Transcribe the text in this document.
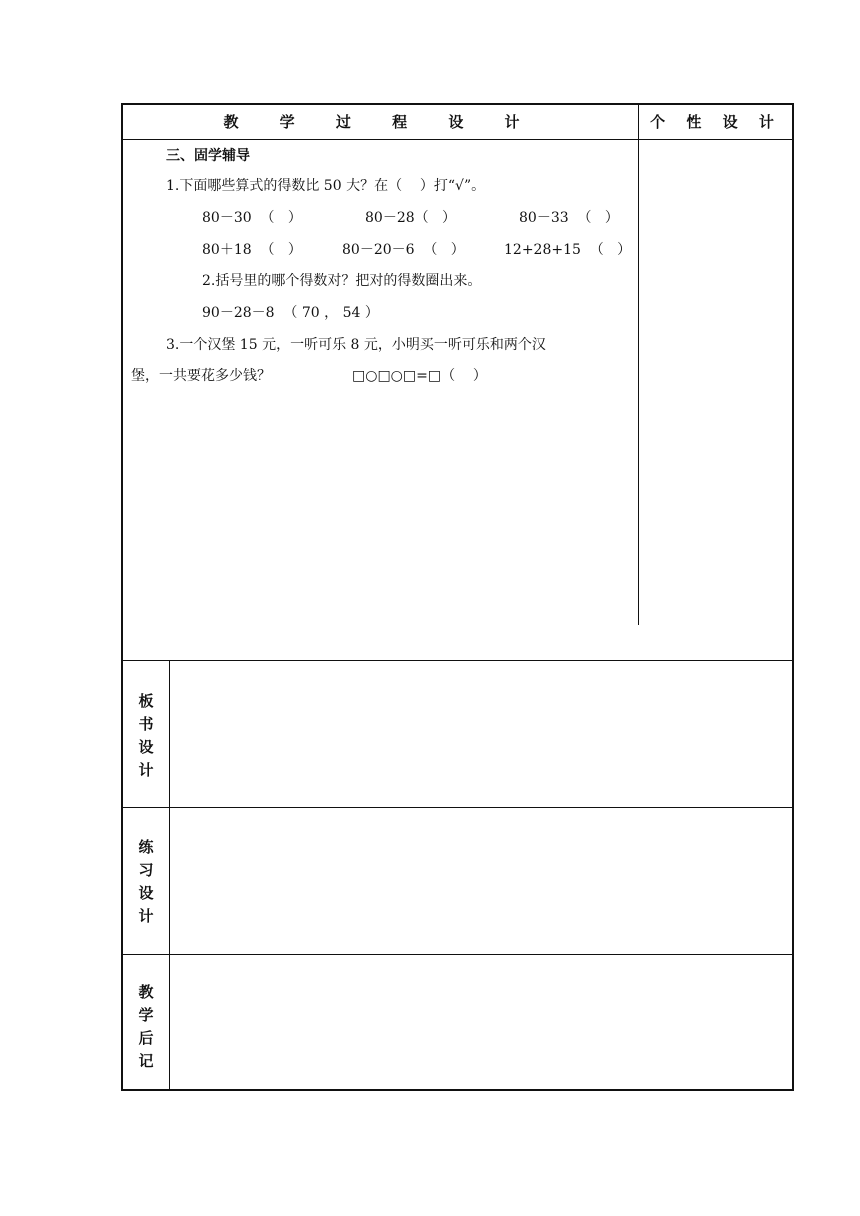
教 学 过 程 设 计	个 性 设 计
三、固学辅导
1.下面哪些算式的得数比 50 大？在（    ）打“√”。
80－30  （   ）	80－28（   ）	80－33  （   ）
80＋18  （   ）	80－20－6  （   ）	12+28+15  （   ）
2.括号里的哪个得数对？把对的得数圈出来。
90－28－8  （ 70 ， 54 ）
3.一个汉堡 15 元，一听可乐 8 元，小明买一听可乐和两个汉
堡，一共要花多少钱？	□○□○□=□（    ）
板
书
设
计
练
习
设
计
教
学
后
记
